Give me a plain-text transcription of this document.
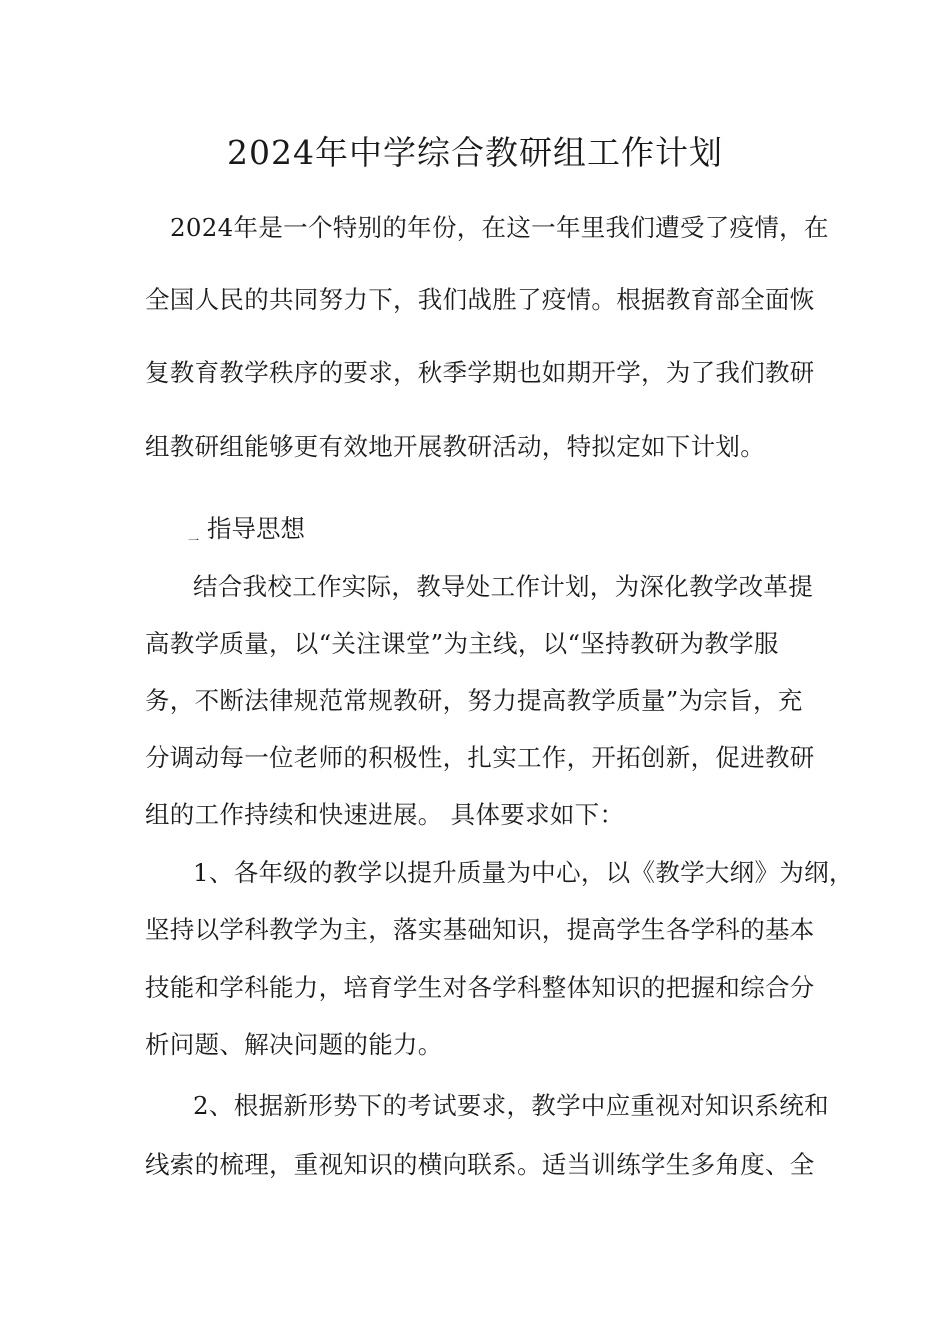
2024年中学综合教研组工作计划
2024年是一个特别的年份，在这一年里我们遭受了疫情，在
全国人民的共同努力下，我们战胜了疫情。根据教育部全面恢
复教育教学秩序的要求，秋季学期也如期开学，为了我们教研
组教研组能够更有效地开展教研活动，特拟定如下计划。
一 指导思想
结合我校工作实际，教导处工作计划，为深化教学改革提
高教学质量，以“关注课堂”为主线，以“坚持教研为教学服
务，不断法律规范常规教研，努力提高教学质量”为宗旨，充
分调动每一位老师的积极性，扎实工作，开拓创新，促进教研
组的工作持续和快速进展。 具体要求如下：
1、各年级的教学以提升质量为中心，以《教学大纲》为纲，
坚持以学科教学为主，落实基础知识，提高学生各学科的基本
技能和学科能力，培育学生对各学科整体知识的把握和综合分
析问题、解决问题的能力。
2、根据新形势下的考试要求，教学中应重视对知识系统和
线索的梳理，重视知识的横向联系。适当训练学生多角度、全
